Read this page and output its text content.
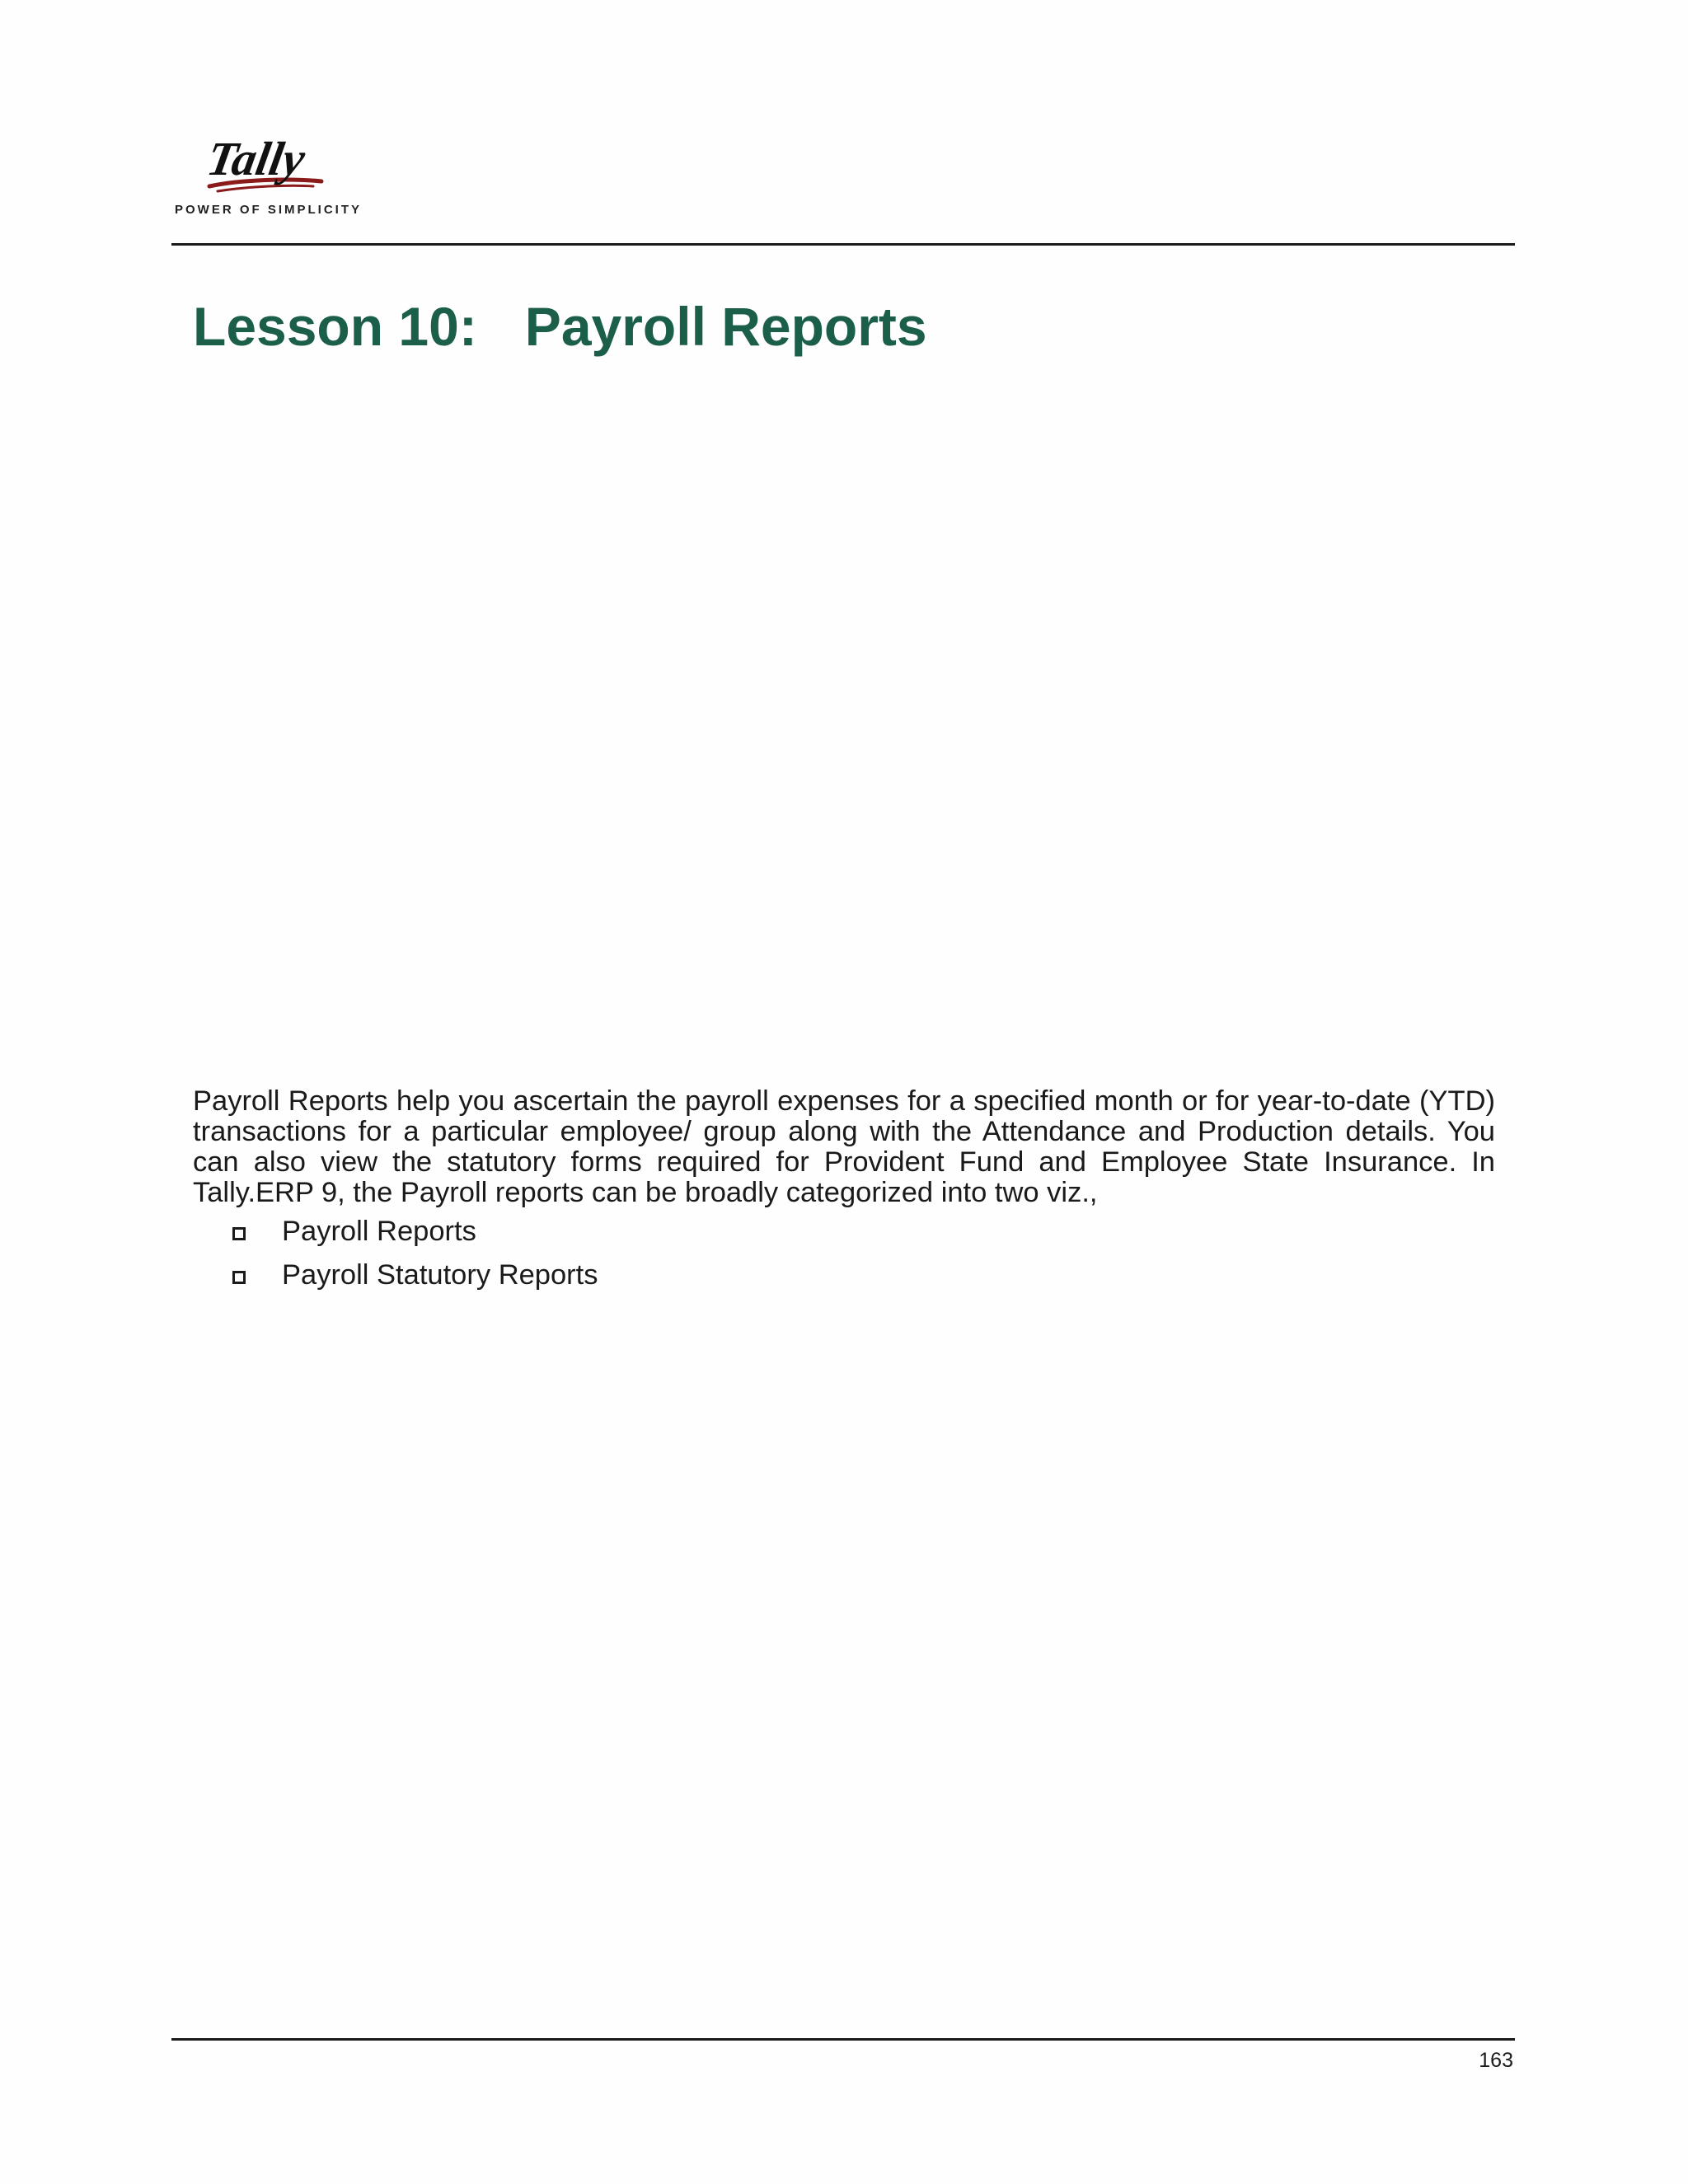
Tally
POWER OF SIMPLICITY
Lesson 10: Payroll Reports

Payroll Reports help you ascertain the payroll expenses for a specified month or for year-to-date (YTD) transactions for a particular employee/ group along with the Attendance and Production details. You can also view the statutory forms required for Provident Fund and Employee State Insurance. In Tally.ERP 9, the Payroll reports can be broadly categorized into two viz.,

Payroll Reports
Payroll Statutory Reports
163
